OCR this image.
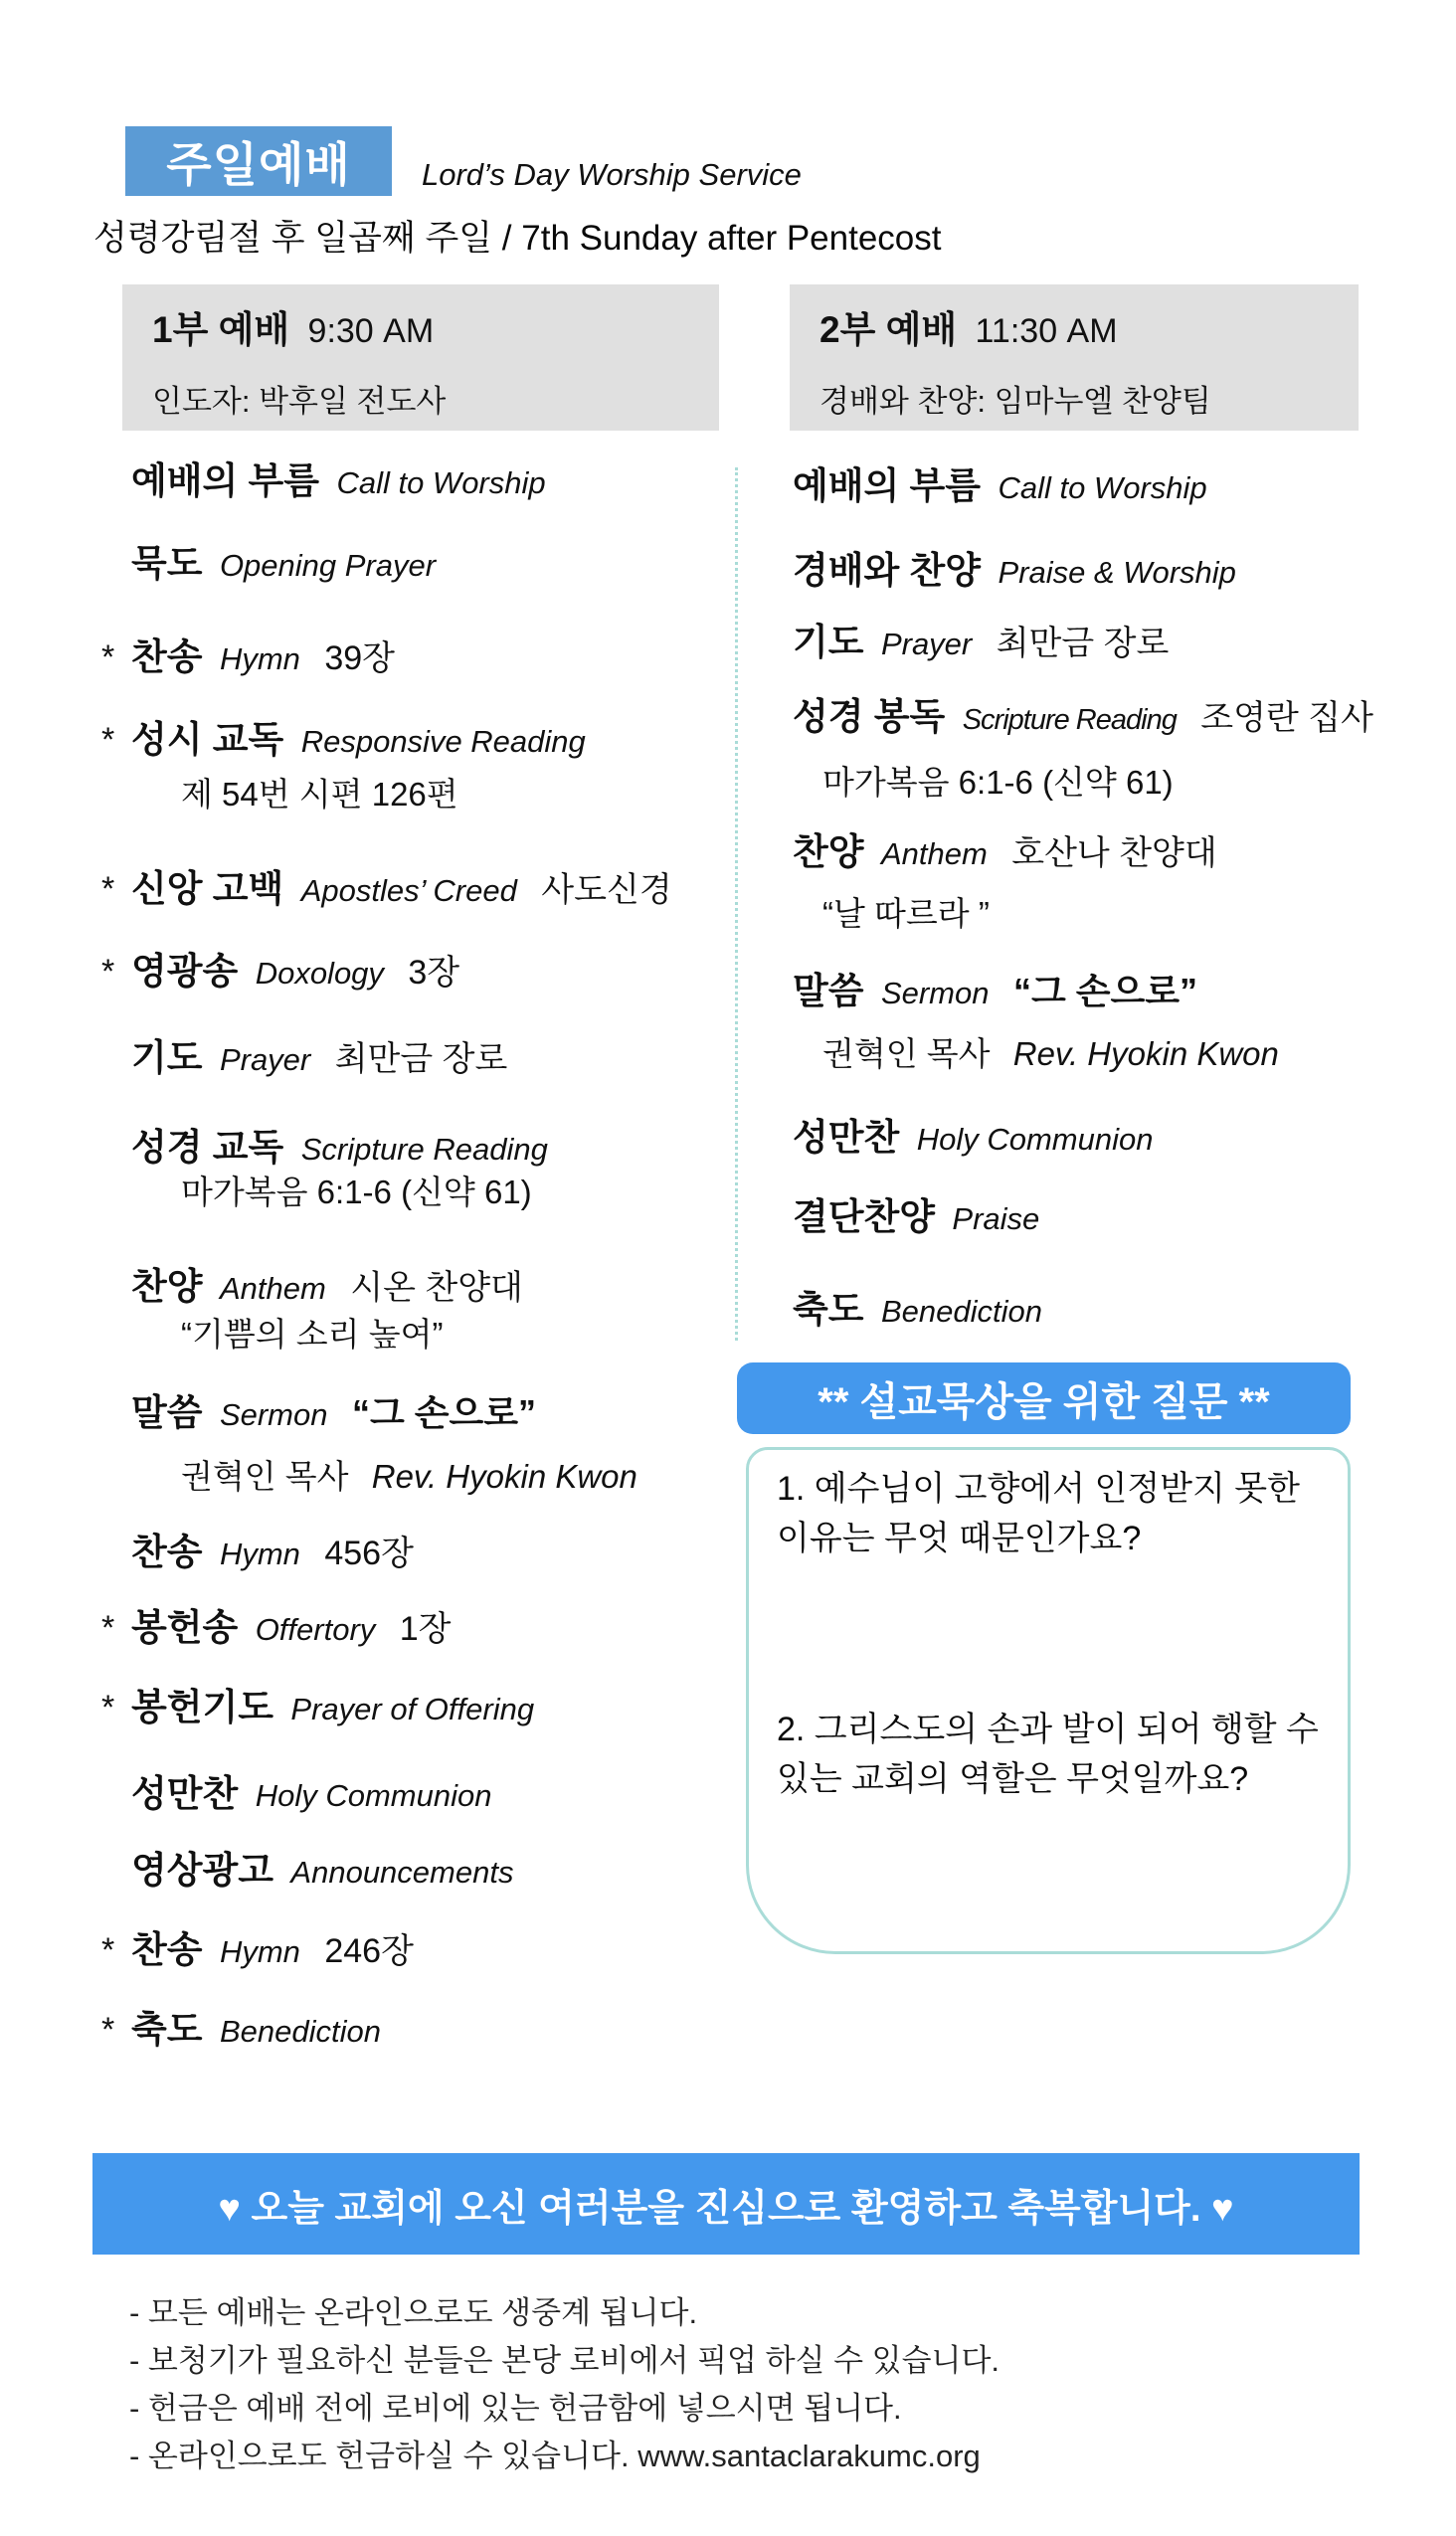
주일예배 Lord’s Day Worship Service
성령강림절 후 일곱째 주일 / 7th Sunday after Pentecost
1부 예배 9:30 AM
인도자: 박후일 전도사
2부 예배 11:30 AM
경배와 찬양: 임마누엘 찬양팀
예배의 부름 Call to Worship
묵도 Opening Prayer
* 찬송 Hymn 39장
* 성시 교독 Responsive Reading
제 54번 시편 126편
* 신앙 고백 Apostles’ Creed 사도신경
* 영광송 Doxology 3장
기도 Prayer 최만금 장로
성경 교독 Scripture Reading
마가복음 6:1-6 (신약 61)
찬양 Anthem 시온 찬양대
“기쁨의 소리 높여”
말씀 Sermon “그 손으로”
권혁인 목사 Rev. Hyokin Kwon
찬송 Hymn 456장
* 봉헌송 Offertory 1장
* 봉헌기도 Prayer of Offering
성만찬 Holy Communion
영상광고 Announcements
* 찬송 Hymn 246장
* 축도 Benediction
예배의 부름 Call to Worship
경배와 찬양 Praise & Worship
기도 Prayer 최만금 장로
성경 봉독 Scripture Reading 조영란 집사
마가복음 6:1-6 (신약 61)
찬양 Anthem 호산나 찬양대
“날 따르라 ”
말씀 Sermon “그 손으로”
권혁인 목사 Rev. Hyokin Kwon
성만찬 Holy Communion
결단찬양 Praise
축도 Benediction
** 설교묵상을 위한 질문 **
1. 예수님이 고향에서 인정받지 못한 이유는 무엇 때문인가요?
2. 그리스도의 손과 발이 되어 행할 수 있는 교회의 역할은 무엇일까요?
♥ 오늘 교회에 오신 여러분을 진심으로 환영하고 축복합니다. ♥
- 모든 예배는 온라인으로도 생중계 됩니다.
- 보청기가 필요하신 분들은 본당 로비에서 픽업 하실 수 있습니다.
- 헌금은 예배 전에 로비에 있는 헌금함에 넣으시면 됩니다.
- 온라인으로도 헌금하실 수 있습니다. www.santaclarakumc.org
